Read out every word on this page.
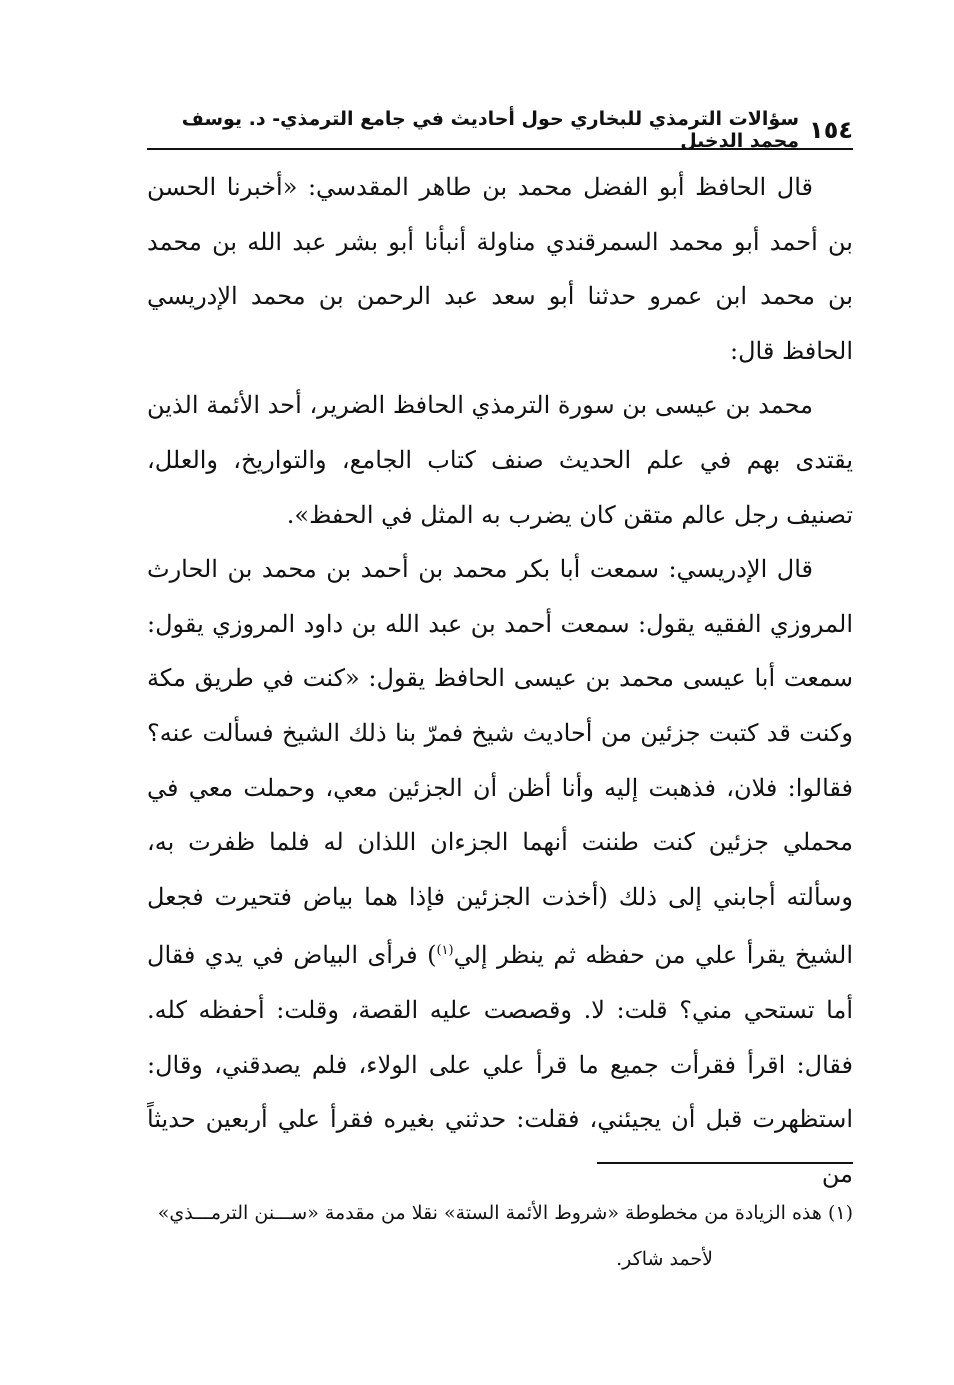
١٥٤
سؤالات الترمذي للبخاري حول أحاديث في جامع الترمذي- د. يوسف محمد الدخيل

قال الحافظ أبو الفضل محمد بن طاهر المقدسي: «أخبرنا الحسن بن أحمد أبو محمد السمرقندي مناولة أنبأنا أبو بشر عبد الله بن محمد بن محمد ابن عمرو حدثنا أبو سعد عبد الرحمن بن محمد الإدريسي الحافظ قال:

محمد بن عيسى بن سورة الترمذي الحافظ الضرير، أحد الأئمة الذين يقتدى بهم في علم الحديث صنف كتاب الجامع، والتواريخ، والعلل، تصنيف رجل عالم متقن كان يضرب به المثل في الحفظ».

قال الإدريسي: سمعت أبا بكر محمد بن أحمد بن محمد بن الحارث المروزي الفقيه يقول: سمعت أحمد بن عبد الله بن داود المروزي يقول: سمعت أبا عيسى محمد بن عيسى الحافظ يقول: «كنت في طريق مكة وكنت قد كتبت جزئين من أحاديث شيخ فمرّ بنا ذلك الشيخ فسألت عنه؟ فقالوا: فلان، فذهبت إليه وأنا أظن أن الجزئين معي، وحملت معي في محملي جزئين كنت طننت أنهما الجزءان اللذان له فلما ظفرت به، وسألته أجابني إلى ذلك (أخذت الجزئين فإذا هما بياض فتحيرت فجعل الشيخ يقرأ علي من حفظه ثم ينظر إلي$^{(١)}$) فرأى البياض في يدي فقال أما تستحي مني؟ قلت: لا. وقصصت عليه القصة، وقلت: أحفظه كله. فقال: اقرأ فقرأت جميع ما قرأ علي على الولاء، فلم يصدقني، وقال: استظهرت قبل أن يجيئني، فقلت: حدثني بغيره فقرأ علي أربعين حديثاً من

(١) هذه الزيادة من مخطوطة «شروط الأئمة الستة» نقلا من مقدمة «ســـنن الترمـــذي»

لأحمد شاكر.
